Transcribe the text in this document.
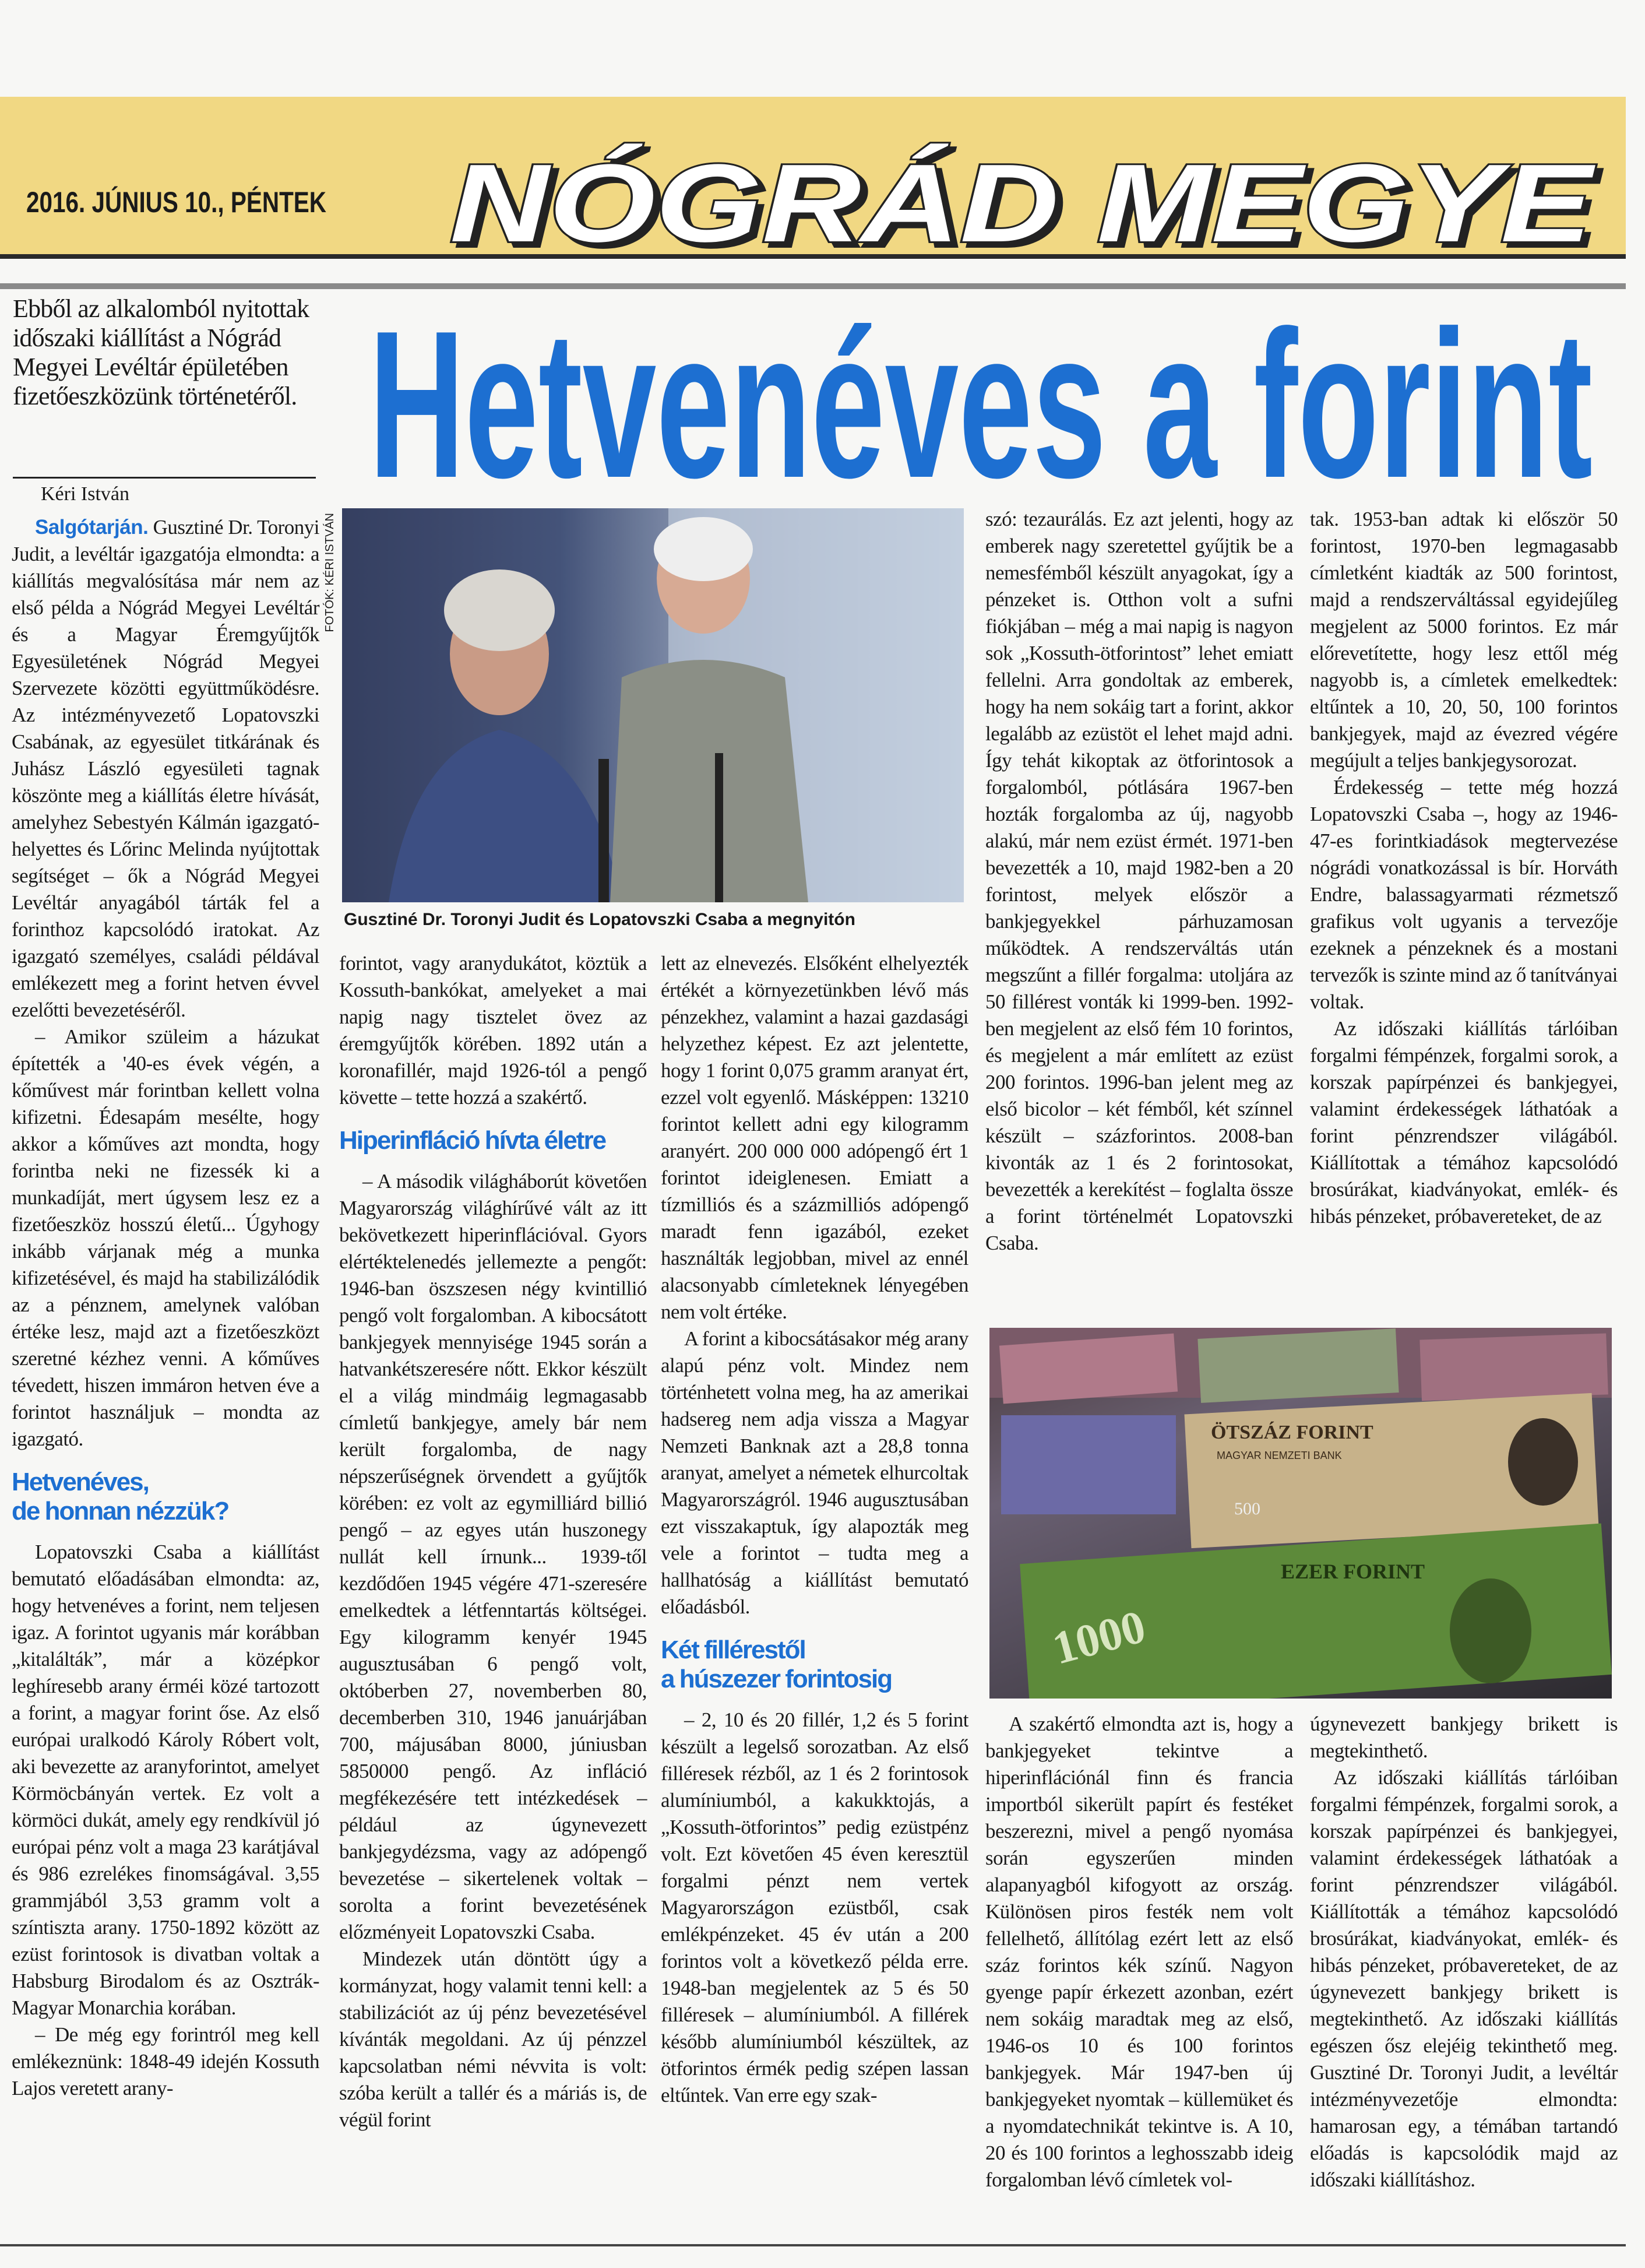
2016. JÚNIUS 10., PÉNTEK NÓGRÁD MEGYE
Ebből az alkalomból nyitottak időszaki kiállítást a Nógrád Megyei Levéltár épületében fizetőeszközünk történetéről.
Kéri István Hetvenéves a forint
FOTÓK: KÉRI ISTVÁN
Gusztiné Dr. Toronyi Judit és Lopatovszki Csaba a megnyitón

Salgótarján. Gusztiné Dr. Toronyi Judit, a levéltár igazgatója elmondta: a kiállítás megvalósítása már nem az első példa a Nógrád Megyei Levéltár és a Magyar Éremgyűjtők Egyesületének Nógrád Megyei Szervezete közötti együttműködésre. Az intézményvezető Lopatovszki Csabának, az egyesület titkárának és Juhász László egyesületi tagnak köszönte meg a kiállítás életre hívását, amelyhez Sebestyén Kálmán igazgató-helyettes és Lőrinc Melinda nyújtottak segítséget – ők a Nógrád Megyei Levéltár anyagából tárták fel a forinthoz kapcsolódó iratokat. Az igazgató személyes, családi példával emlékezett meg a forint hetven évvel ezelőtti bevezetéséről.

– Amikor szüleim a házukat építették a '40-es évek végén, a kőművest már forintban kellett volna kifizetni. Édesapám mesélte, hogy akkor a kőműves azt mondta, hogy forintba neki ne fizessék ki a munkadíját, mert úgysem lesz ez a fizetőeszköz hosszú életű... Úgyhogy inkább várjanak még a munka kifizetésével, és majd ha stabilizálódik az a pénznem, amelynek valóban értéke lesz, majd azt a fizetőeszközt szeretné kézhez venni. A kőműves tévedett, hiszen immáron hetven éve a forintot használjuk – mondta az igazgató.

Hetvenéves,
de honnan nézzük?

Lopatovszki Csaba a kiállítást bemutató előadásában elmondta: az, hogy hetvenéves a forint, nem teljesen igaz. A forintot ugyanis már korábban „kitalálták”, már a középkor leghíresebb arany érméi közé tartozott a forint, a magyar forint őse. Az első európai uralkodó Károly Róbert volt, aki bevezette az aranyforintot, amelyet Körmöcbányán vertek. Ez volt a körmöci dukát, amely egy rendkívül jó európai pénz volt a maga 23 karátjával és 986 ezrelékes finomságával. 3,55 grammjából 3,53 gramm volt a színtiszta arany. 1750-1892 között az ezüst forintosok is divatban voltak a Habsburg Birodalom és az Osztrák-Magyar Monarchia korában.

– De még egy forintról meg kell emlékeznünk: 1848-49 idején Kossuth Lajos veretett arany-

forintot, vagy aranydukátot, köztük a Kossuth-bankókat, amelyeket a mai napig nagy tisztelet övez az éremgyűjtők körében. 1892 után a koronafillér, majd 1926-tól a pengő követte – tette hozzá a szakértő.

Hiperinfláció hívta életre

– A második világháborút követően Magyarország világhírűvé vált az itt bekövetkezett hiperinflációval. Gyors elértéktelenedés jellemezte a pengőt: 1946-ban öszszesen négy kvintillió pengő volt forgalomban. A kibocsátott bankjegyek mennyisége 1945 során a hatvankétszeresére nőtt. Ekkor készült el a világ mindmáig legmagasabb címletű bankjegye, amely bár nem került forgalomba, de nagy népszerűségnek örvendett a gyűjtők körében: ez volt az egymilliárd billió pengő – az egyes után huszonegy nullát kell írnunk... 1939-től kezdődően 1945 végére 471-szeresére emelkedtek a létfenntartás költségei. Egy kilogramm kenyér 1945 augusztusában 6 pengő volt, októberben 27, novemberben 80, decemberben 310, 1946 januárjában 700, májusában 8000, júniusban 5850000 pengő. Az infláció megfékezésére tett intézkedések – például az úgynevezett bankjegydézsma, vagy az adópengő bevezetése – sikertelenek voltak – sorolta a forint bevezetésének előzményeit Lopatovszki Csaba.

Mindezek után döntött úgy a kormányzat, hogy valamit tenni kell: a stabilizációt az új pénz bevezetésével kívánták megoldani. Az új pénzzel kapcsolatban némi névvita is volt: szóba került a tallér és a máriás is, de végül forint

lett az elnevezés. Elsőként elhelyezték értékét a környezetünkben lévő más pénzekhez, valamint a hazai gazdasági helyzethez képest. Ez azt jelentette, hogy 1 forint 0,075 gramm aranyat ért, ezzel volt egyenlő. Másképpen: 13210 forintot kellett adni egy kilogramm aranyért. 200 000 000 adópengő ért 1 forintot ideiglenesen. Emiatt a tízmilliós és a százmilliós adópengő maradt fenn igazából, ezeket használták legjobban, mivel az ennél alacsonyabb címleteknek lényegében nem volt értéke.

A forint a kibocsátásakor még arany alapú pénz volt. Mindez nem történhetett volna meg, ha az amerikai hadsereg nem adja vissza a Magyar Nemzeti Banknak azt a 28,8 tonna aranyat, amelyet a németek elhurcoltak Magyarországról. 1946 augusztusában ezt visszakaptuk, így alapozták meg vele a forintot – tudta meg a hallhatóság a kiállítást bemutató előadásból.

Két fillérestől
a húszezer forintosig

– 2, 10 és 20 fillér, 1,2 és 5 forint készült a legelső sorozatban. Az első filléresek rézből, az 1 és 2 forintosok alumíniumból, a kakukktojás, a „Kossuth-ötforintos” pedig ezüstpénz volt. Ezt követően 45 éven keresztül forgalmi pénzt nem vertek Magyarországon ezüstből, csak emlékpénzeket. 45 év után a 200 forintos volt a következő példa erre. 1948-ban megjelentek az 5 és 50 filléresek – alumíniumból. A fillérek később alumíniumból készültek, az ötforintos érmék pedig szépen lassan eltűntek. Van erre egy szak-

szó: tezaurálás. Ez azt jelenti, hogy az emberek nagy szeretettel gyűjtik be a nemesfémből készült anyagokat, így a pénzeket is. Otthon volt a sufni fiókjában – még a mai napig is nagyon sok „Kossuth-ötforintost” lehet emiatt fellelni. Arra gondoltak az emberek, hogy ha nem sokáig tart a forint, akkor legalább az ezüstöt el lehet majd adni. Így tehát kikoptak az ötforintosok a forgalomból, pótlására 1967-ben hozták forgalomba az új, nagyobb alakú, már nem ezüst érmét. 1971-ben bevezették a 10, majd 1982-ben a 20 forintost, melyek először a bankjegyekkel párhuzamosan működtek. A rendszerváltás után megszűnt a fillér forgalma: utoljára az 50 fillérest vonták ki 1999-ben. 1992-ben megjelent az első fém 10 forintos, és megjelent a már említett az ezüst 200 forintos. 1996-ban jelent meg az első bicolor – két fémből, két színnel készült – százforintos. 2008-ban kivonták az 1 és 2 forintosokat, bevezették a kerekítést – foglalta össze a forint történelmét Lopatovszki Csaba.

A szakértő elmondta azt is, hogy a bankjegyeket tekintve a hiperinflációnál finn és francia importból sikerült papírt és festéket beszerezni, mivel a pengő nyomása során egyszerűen minden alapanyagból kifogyott az ország. Különösen piros festék nem volt fellelhető, állítólag ezért lett az első száz forintos kék színű. Nagyon gyenge papír érkezett azonban, ezért nem sokáig maradtak meg az első, 1946-os 10 és 100 forintos bankjegyek. Már 1947-ben új bankjegyeket nyomtak – küllemüket és a nyomdatechnikát tekintve is. A 10, 20 és 100 forintos a leghosszabb ideig forgalomban lévő címletek vol-

tak. 1953-ban adtak ki először 50 forintost, 1970-ben legmagasabb címletként kiadták az 500 forintost, majd a rendszerváltással egyidejűleg megjelent az 5000 forintos. Ez már előrevetítette, hogy lesz ettől még nagyobb is, a címletek emelkedtek: eltűntek a 10, 20, 50, 100 forintos bankjegyek, majd az évezred végére megújult a teljes bankjegysorozat.

Érdekesség – tette még hozzá Lopatovszki Csaba –, hogy az 1946-47-es forintkiadások megtervezése nógrádi vonatkozással is bír. Horváth Endre, balassagyarmati rézmetsző grafikus volt ugyanis a tervezője ezeknek a pénzeknek és a mostani tervezők is szinte mind az ő tanítványai voltak.

Az időszaki kiállítás tárlóiban forgalmi fémpénzek, forgalmi sorok, a korszak papírpénzei és bankjegyei, valamint érdekességek láthatóak a forint pénzrendszer világából. Kiállítottak a témához kapcsolódó brosúrákat, kiadványokat, emlék- és hibás pénzeket, próbavereteket, de az

úgynevezett bankjegy brikett is megtekinthető.

Az időszaki kiállítás tárlóiban forgalmi fémpénzek, forgalmi sorok, a korszak papírpénzei és bankjegyei, valamint érdekességek láthatóak a forint pénzrendszer világából. Kiállították a témához kapcsolódó brosúrákat, kiadványokat, emlék- és hibás pénzeket, próbavereteket, de az úgynevezett bankjegy brikett is megtekinthető. Az időszaki kiállítás egészen ősz elejéig tekinthető meg. Gusztiné Dr. Toronyi Judit, a levéltár intézményvezetője elmondta: hamarosan egy, a témában tartandó előadás is kapcsolódik majd az időszaki kiállításhoz.

ÖTSZÁZ FORINT
MAGYAR NEMZETI BANK
500
EZER FORINT
1000
